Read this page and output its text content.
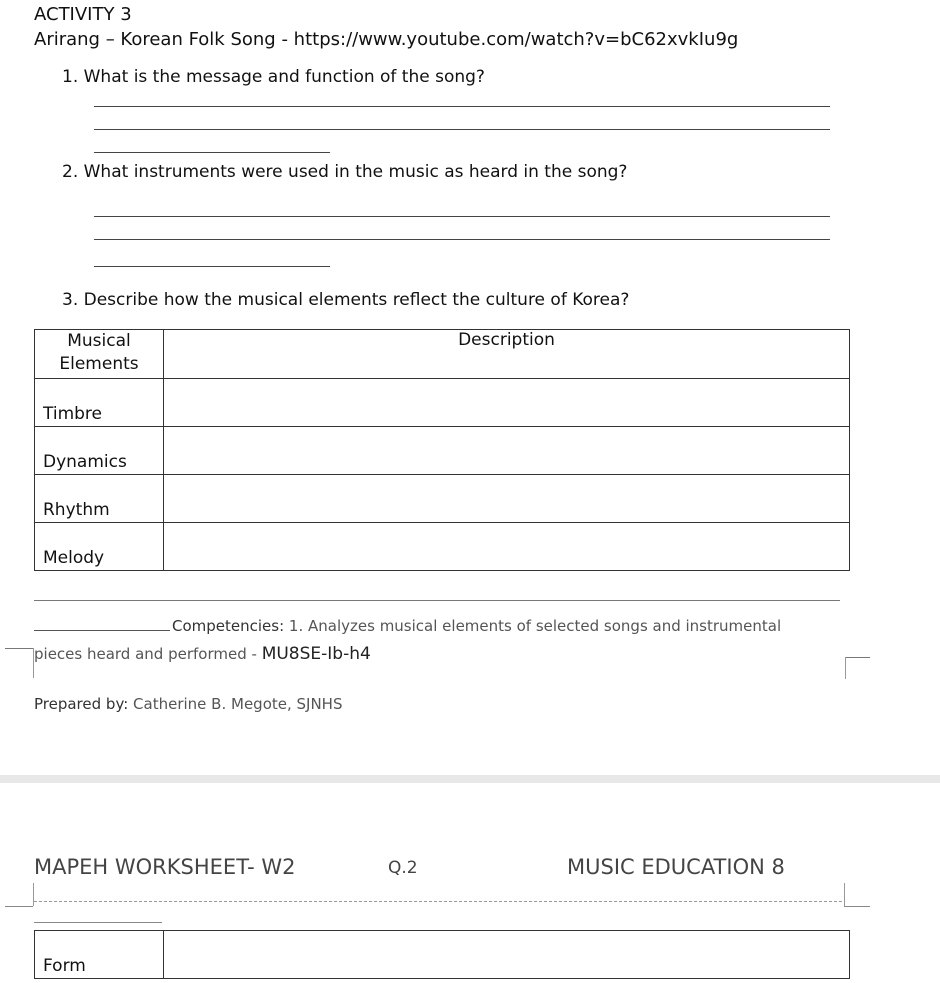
ACTIVITY 3
Arirang – Korean Folk Song - https://www.youtube.com/watch?v=bC62xvkIu9g
1. What is the message and function of the song?
2. What instruments were used in the music as heard in the song?
3. Describe how the musical elements reflect the culture of Korea?
Musical Elements	Description
Timbre	
Dynamics	
Rhythm	
Melody	
Competencies: 1. Analyzes musical elements of selected songs and instrumental
pieces heard and performed - MU8SE-Ib-h4
Prepared by: Catherine B. Megote, SJNHS
MAPEH WORKSHEET- W2	Q.2	MUSIC EDUCATION 8
Form	
